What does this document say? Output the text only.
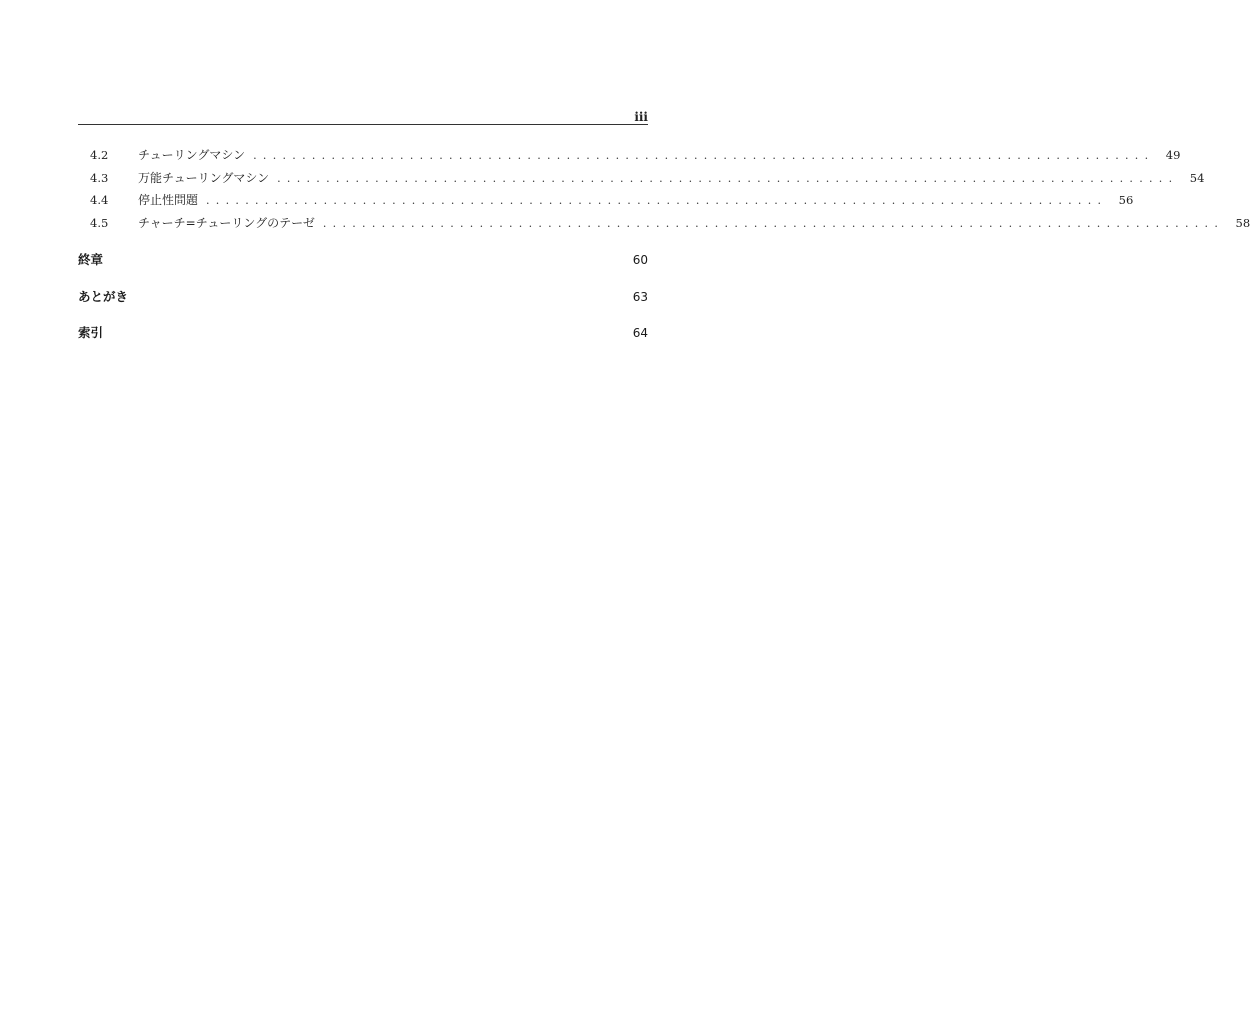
iii
4.2	チューリングマシン ............................................................................................ 49
4.3	万能チューリングマシン ............................................................................................ 54
4.4	停止性問題 ............................................................................................ 56
4.5	チャーチ=チューリングのテーゼ ............................................................................................ 58
終章	60
あとがき	63
索引	64
